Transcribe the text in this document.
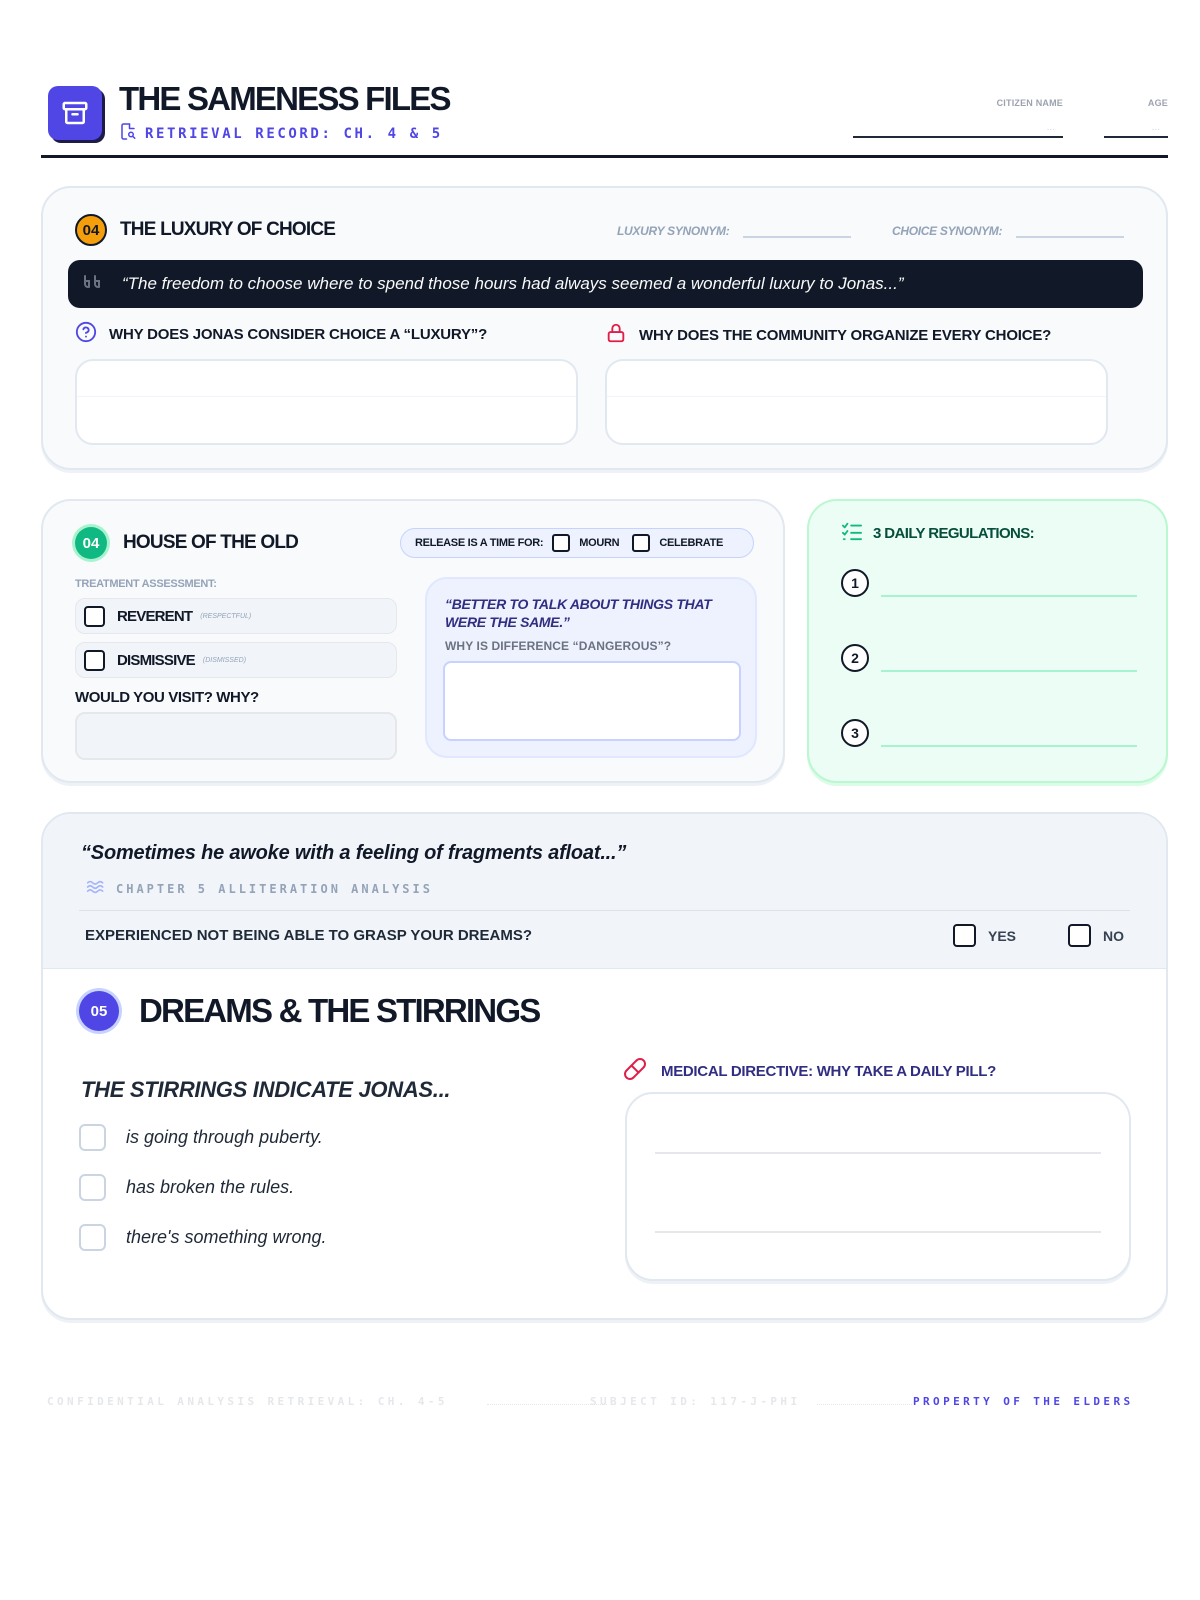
THE SAMENESS FILES
RETRIEVAL RECORD: CH. 4 & 5
CITIZEN NAME
...
AGE
...
04	THE LUXURY OF CHOICE	LUXURY SYNONYM:	CHOICE SYNONYM:
“The freedom to choose where to spend those hours had always seemed a wonderful luxury to Jonas...”
WHY DOES JONAS CONSIDER CHOICE A “LUXURY”?	WHY DOES THE COMMUNITY ORGANIZE EVERY CHOICE?
04	HOUSE OF THE OLD	RELEASE IS A TIME FOR:	MOURN	CELEBRATE
TREATMENT ASSESSMENT:
REVERENT (RESPECTFUL)
DISMISSIVE (DISMISSED)
WOULD YOU VISIT? WHY?
“BETTER TO TALK ABOUT THINGS THAT WERE THE SAME.”
WHY IS DIFFERENCE “DANGEROUS”?
3 DAILY REGULATIONS:
1
2
3
“Sometimes he awoke with a feeling of fragments afloat...”
CHAPTER 5 ALLITERATION ANALYSIS
EXPERIENCED NOT BEING ABLE TO GRASP YOUR DREAMS?	YES	NO
05 DREAMS & THE STIRRINGS
THE STIRRINGS INDICATE JONAS...
is going through puberty.
has broken the rules.
there's something wrong.
MEDICAL DIRECTIVE: WHY TAKE A DAILY PILL?
CONFIDENTIAL ANALYSIS RETRIEVAL: CH. 4-5	SUBJECT ID: 117-J-PHI	PROPERTY OF THE ELDERS
